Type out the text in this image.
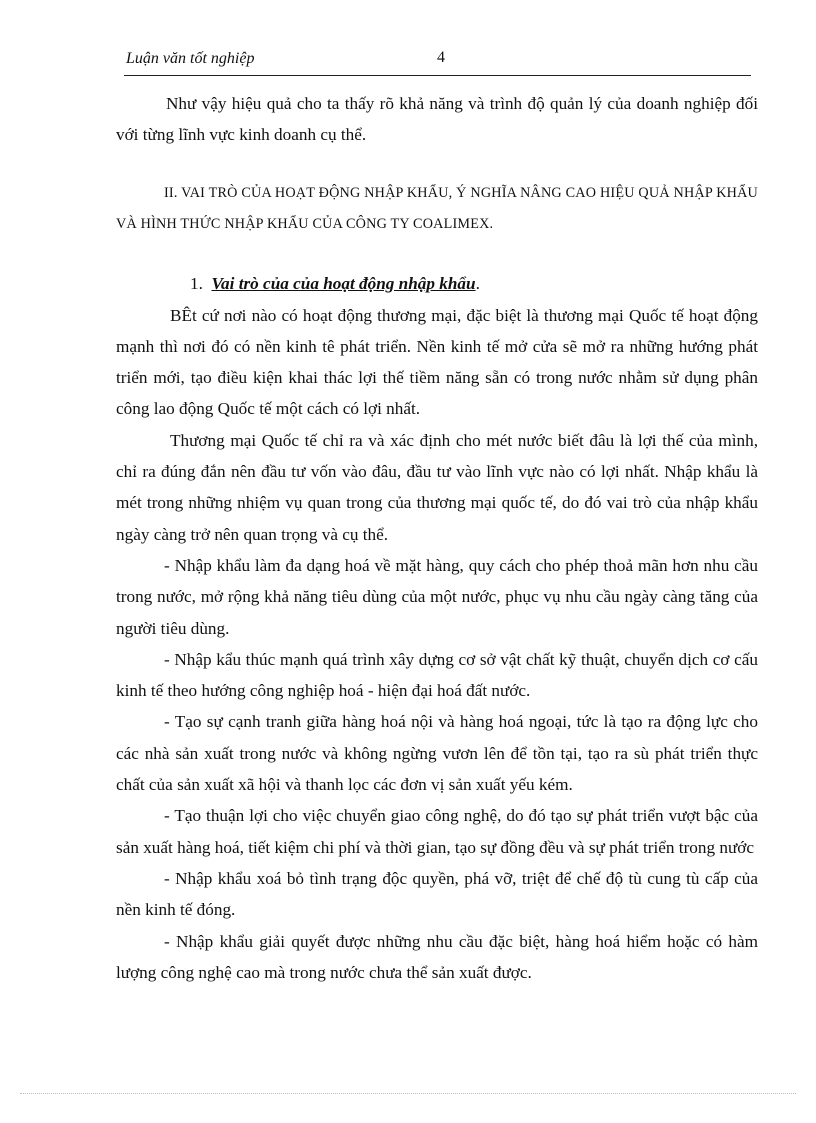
Luận văn tốt nghiệp	4

Như vậy hiệu quả cho ta thấy rõ khả năng và trình độ quản lý của doanh nghiệp đối với từng lĩnh vực kinh doanh cụ thể.

II. VAI TRÒ CỦA HOẠT ĐỘNG NHẬP KHẨU, Ý NGHĨA NÂNG CAO HIỆU QUẢ NHẬP KHẨU VÀ HÌNH THỨC NHẬP KHẨU CỦA CÔNG TY COALIMEX.

1. Vai trò của của hoạt động nhập khẩu.

BÊt cứ nơi nào có hoạt động thương mại, đặc biệt là thương mại Quốc tế hoạt động mạnh thì nơi đó có nền kinh tê phát triển. Nền kinh tế mở cửa sẽ mở ra những hướng phát triển mới, tạo điều kiện khai thác lợi thế tiềm năng sẵn có trong nước nhằm sử dụng phân công lao động Quốc tế một cách có lợi nhất.

Thương mại Quốc tế chỉ ra và xác định cho mét nước biết đâu là lợi thế của mình, chỉ ra đúng đắn nên đầu tư vốn vào đâu, đầu tư vào lĩnh vực nào có lợi nhất. Nhập khẩu là mét trong những nhiệm vụ quan trong của thương mại quốc tế, do đó vai trò của nhập khẩu ngày càng trở nên quan trọng và cụ thể.

- Nhập khẩu làm đa dạng hoá về mặt hàng, quy cách cho phép thoả mãn hơn nhu cầu trong nước, mở rộng khả năng tiêu dùng của một nước, phục vụ nhu cầu ngày càng tăng của người tiêu dùng.

- Nhập kẩu thúc mạnh quá trình xây dựng cơ sở vật chất kỹ thuật, chuyển dịch cơ cấu kinh tế theo hướng công nghiệp hoá - hiện đại hoá đất nước.

- Tạo sự cạnh tranh giữa hàng hoá nội và hàng hoá ngoại, tức là tạo ra động lực cho các nhà sản xuất trong nước và không ngừng vươn lên để tồn tại, tạo ra sù phát triển thực chất của sản xuất xã hội và thanh lọc các đơn vị sản xuất yếu kém.

- Tạo thuận lợi cho việc chuyển giao công nghệ, do đó tạo sự phát triển vượt bậc của sản xuất hàng hoá, tiết kiệm chi phí và thời gian, tạo sự đồng đều và sự phát triển trong nước

- Nhập khẩu xoá bỏ tình trạng độc quyền, phá vỡ, triệt để chế độ tù cung tù cấp của nền kinh tế đóng.

- Nhập khẩu giải quyết được những nhu cầu đặc biệt, hàng hoá hiểm hoặc có hàm lượng công nghệ cao mà trong nước chưa thể sản xuất được.
